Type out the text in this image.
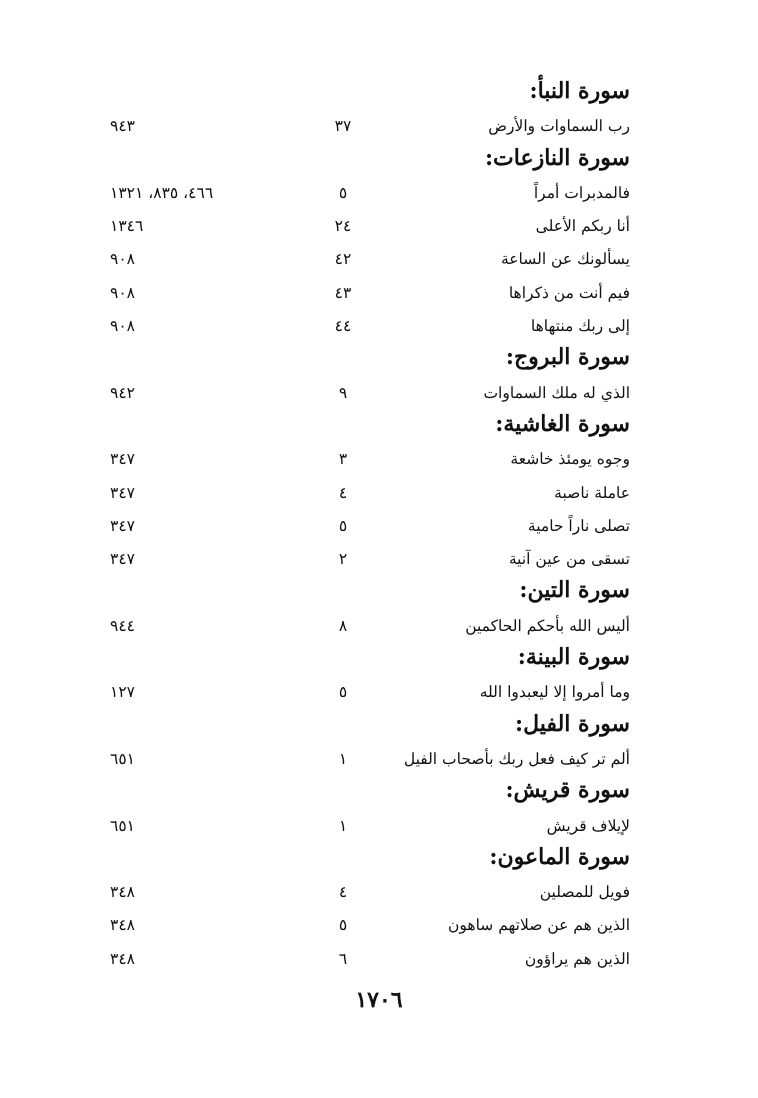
سورة النبأ:
رب السماوات والأرض
٣٧
٩٤٣
سورة النازعات:
فالمدبرات أمراً
٥
٤٦٦، ٨٣٥، ١٣٢١
أنا ربكم الأعلى
٢٤
١٣٤٦
يسألونك عن الساعة
٤٢
٩٠٨
فيم أنت من ذكراها
٤٣
٩٠٨
إلى ربك منتهاها
٤٤
٩٠٨
سورة البروج:
الذي له ملك السماوات
٩
٩٤٢
سورة الغاشية:
وجوه يومئذ خاشعة
٣
٣٤٧
عاملة ناصبة
٤
٣٤٧
تصلى ناراً حامية
٥
٣٤٧
تسقى من عين آنية
٢
٣٤٧
سورة التين:
أليس الله بأحكم الحاكمين
٨
٩٤٤
سورة البينة:
وما أمروا إلا ليعبدوا الله
٥
١٢٧
سورة الفيل:
ألم تر كيف فعل ربك بأصحاب الفيل
١
٦٥١
سورة قريش:
لإيلاف قريش
١
٦٥١
سورة الماعون:
فويل للمصلين
٤
٣٤٨
الذين هم عن صلاتهم ساهون
٥
٣٤٨
الذين هم يراؤون
٦
٣٤٨
١٧٠٦
